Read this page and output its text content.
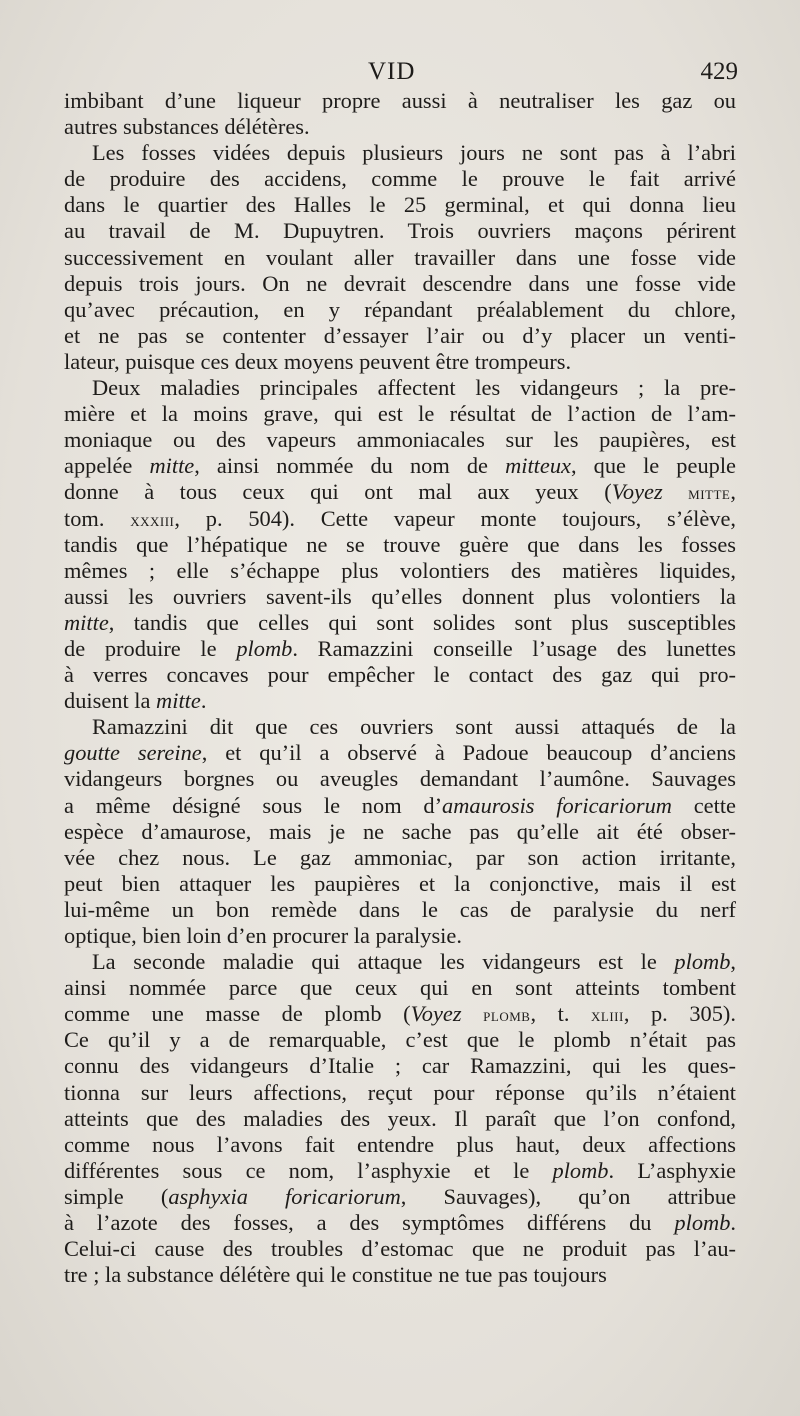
VID	429
imbibant d’une liqueur propre aussi à neutraliser les gaz ou
autres substances délétères.
Les fosses vidées depuis plusieurs jours ne sont pas à l’abri
de produire des accidens, comme le prouve le fait arrivé
dans le quartier des Halles le 25 germinal, et qui donna lieu
au travail de M. Dupuytren. Trois ouvriers maçons périrent
successivement en voulant aller travailler dans une fosse vide
depuis trois jours. On ne devrait descendre dans une fosse vide
qu’avec précaution, en y répandant préalablement du chlore,
et ne pas se contenter d’essayer l’air ou d’y placer un venti-
lateur, puisque ces deux moyens peuvent être trompeurs.
Deux maladies principales affectent les vidangeurs ; la pre-
mière et la moins grave, qui est le résultat de l’action de l’am-
moniaque ou des vapeurs ammoniacales sur les paupières, est
appelée mitte, ainsi nommée du nom de mitteux, que le peuple
donne à tous ceux qui ont mal aux yeux (Voyez mitte,
tom. xxxiii, p. 504). Cette vapeur monte toujours, s’élève,
tandis que l’hépatique ne se trouve guère que dans les fosses
mêmes ; elle s’échappe plus volontiers des matières liquides,
aussi les ouvriers savent-ils qu’elles donnent plus volontiers la
mitte, tandis que celles qui sont solides sont plus susceptibles
de produire le plomb. Ramazzini conseille l’usage des lunettes
à verres concaves pour empêcher le contact des gaz qui pro-
duisent la mitte.
Ramazzini dit que ces ouvriers sont aussi attaqués de la
goutte sereine, et qu’il a observé à Padoue beaucoup d’anciens
vidangeurs borgnes ou aveugles demandant l’aumône. Sauvages
a même désigné sous le nom d’amaurosis foricariorum cette
espèce d’amaurose, mais je ne sache pas qu’elle ait été obser-
vée chez nous. Le gaz ammoniac, par son action irritante,
peut bien attaquer les paupières et la conjonctive, mais il est
lui-même un bon remède dans le cas de paralysie du nerf
optique, bien loin d’en procurer la paralysie.
La seconde maladie qui attaque les vidangeurs est le plomb,
ainsi nommée parce que ceux qui en sont atteints tombent
comme une masse de plomb (Voyez plomb, t. xliii, p. 305).
Ce qu’il y a de remarquable, c’est que le plomb n’était pas
connu des vidangeurs d’Italie ; car Ramazzini, qui les ques-
tionna sur leurs affections, reçut pour réponse qu’ils n’étaient
atteints que des maladies des yeux. Il paraît que l’on confond,
comme nous l’avons fait entendre plus haut, deux affections
différentes sous ce nom, l’asphyxie et le plomb. L’asphyxie
simple (asphyxia foricariorum, Sauvages), qu’on attribue
à l’azote des fosses, a des symptômes différens du plomb.
Celui-ci cause des troubles d’estomac que ne produit pas l’au-
tre ; la substance délétère qui le constitue ne tue pas toujours
